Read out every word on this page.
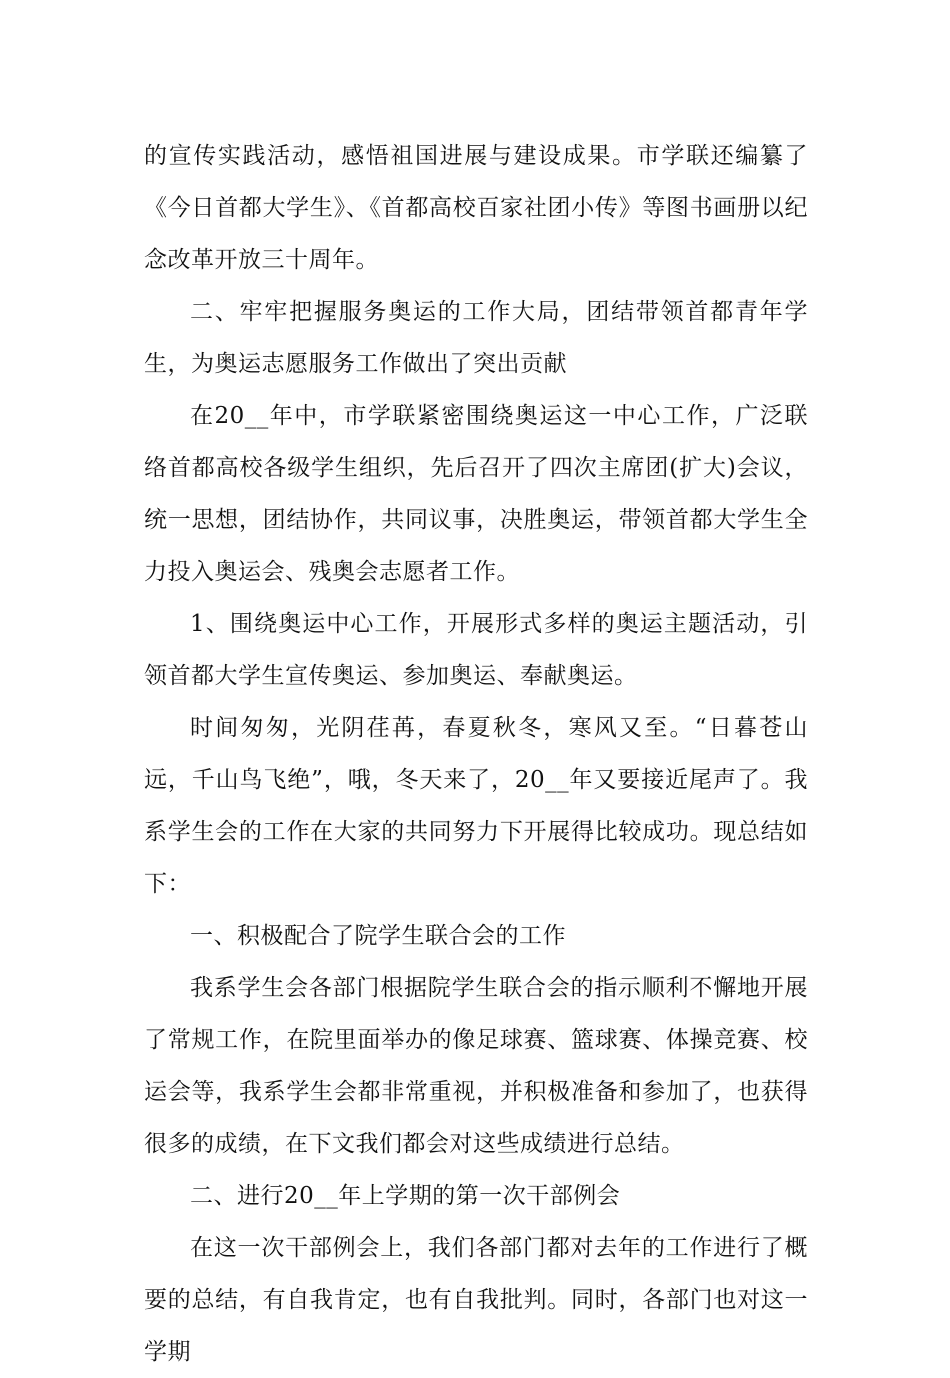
的宣传实践活动，感悟祖国进展与建设成果。市学联还编纂了《今日首都大学生》、《首都高校百家社团小传》等图书画册以纪念改革开放三十周年。

二、牢牢把握服务奥运的工作大局，团结带领首都青年学生，为奥运志愿服务工作做出了突出贡献

在20__年中，市学联紧密围绕奥运这一中心工作，广泛联络首都高校各级学生组织，先后召开了四次主席团(扩大)会议，统一思想，团结协作，共同议事，决胜奥运，带领首都大学生全力投入奥运会、残奥会志愿者工作。

1、围绕奥运中心工作，开展形式多样的奥运主题活动，引领首都大学生宣传奥运、参加奥运、奉献奥运。

时间匆匆，光阴荏苒，春夏秋冬，寒风又至。“日暮苍山远，千山鸟飞绝”，哦，冬天来了，20__年又要接近尾声了。我系学生会的工作在大家的共同努力下开展得比较成功。现总结如下：

一、积极配合了院学生联合会的工作

我系学生会各部门根据院学生联合会的指示顺利不懈地开展了常规工作，在院里面举办的像足球赛、篮球赛、体操竞赛、校运会等，我系学生会都非常重视，并积极准备和参加了，也获得很多的成绩，在下文我们都会对这些成绩进行总结。

二、进行20__年上学期的第一次干部例会

在这一次干部例会上，我们各部门都对去年的工作进行了概要的总结，有自我肯定，也有自我批判。同时，各部门也对这一学期
